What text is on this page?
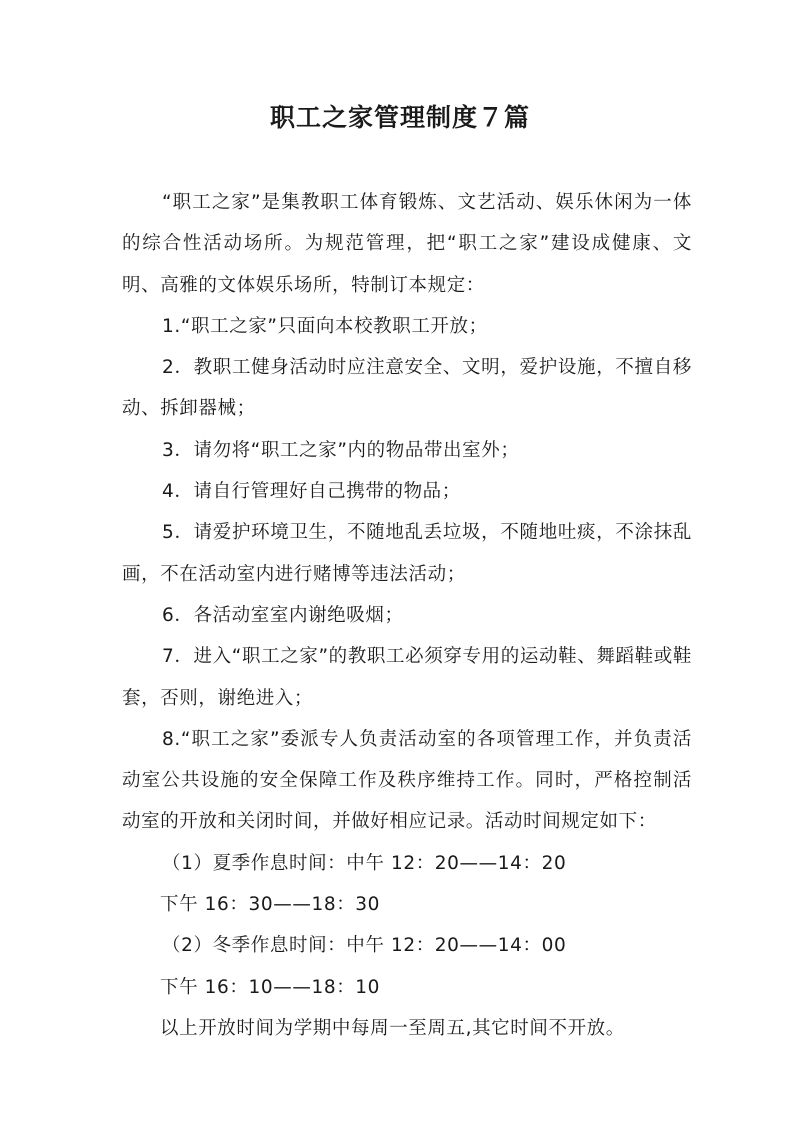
职工之家管理制度７篇

“职工之家”是集教职工体育锻炼、文艺活动、娱乐休闲为一体的综合性活动场所。为规范管理，把“职工之家”建设成健康、文明、高雅的文体娱乐场所，特制订本规定：

1.“职工之家”只面向本校教职工开放；

2．教职工健身活动时应注意安全、文明，爱护设施，不擅自移动、拆卸器械；

3．请勿将“职工之家”内的物品带出室外；

4．请自行管理好自己携带的物品；

5．请爱护环境卫生，不随地乱丢垃圾，不随地吐痰，不涂抹乱画，不在活动室内进行赌博等违法活动；

6．各活动室室内谢绝吸烟；

7．进入“职工之家”的教职工必须穿专用的运动鞋、舞蹈鞋或鞋套，否则，谢绝进入；

8.“职工之家”委派专人负责活动室的各项管理工作，并负责活动室公共设施的安全保障工作及秩序维持工作。同时，严格控制活动室的开放和关闭时间，并做好相应记录。活动时间规定如下：

（1）夏季作息时间：中午 12：20——14：20

下午 16：30——18：30

（2）冬季作息时间：中午 12：20——14：00

下午 16：10——18：10

以上开放时间为学期中每周一至周五,其它时间不开放。
